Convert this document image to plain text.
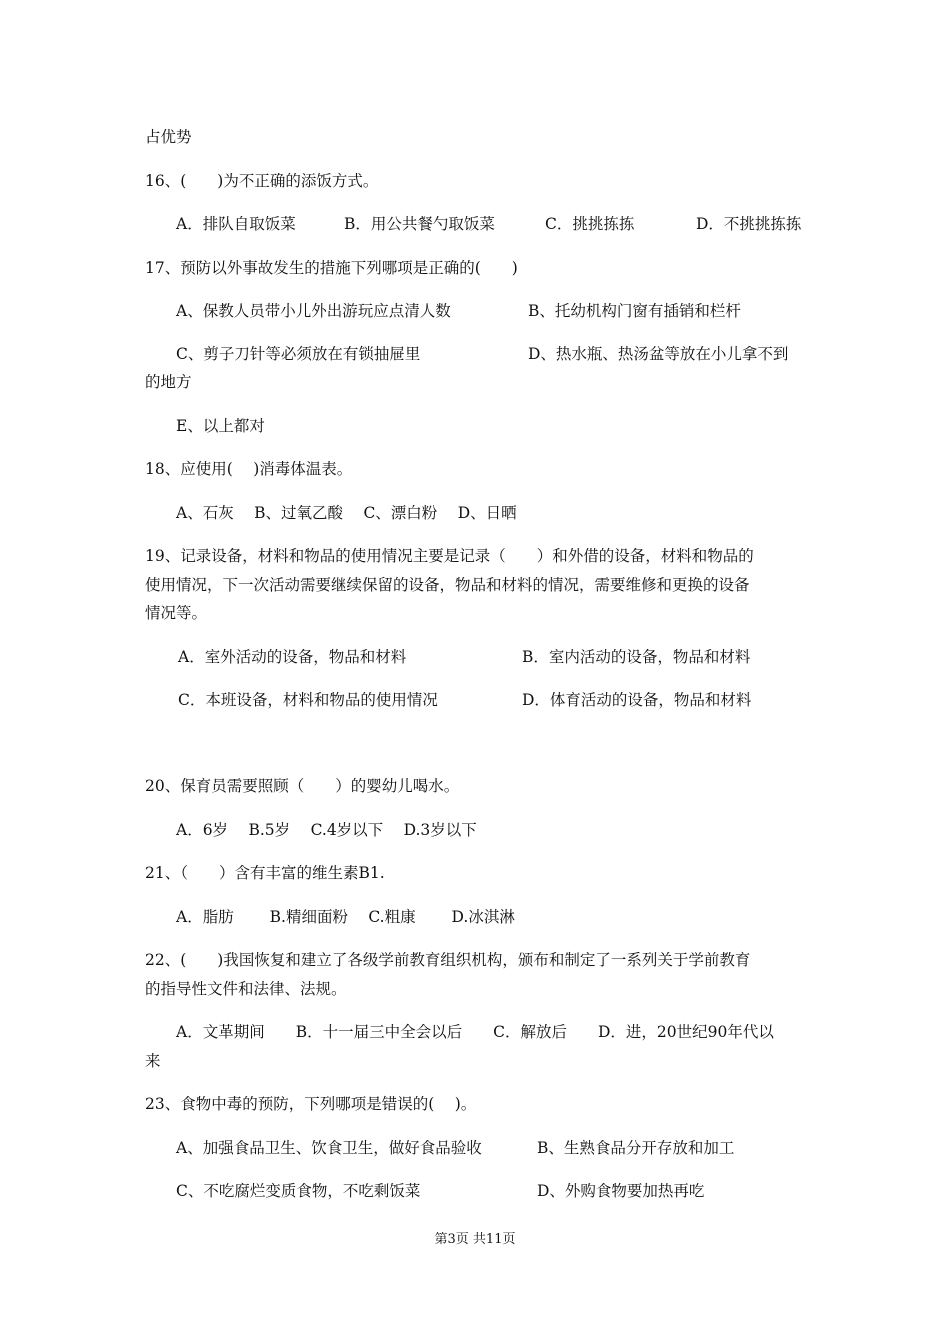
占优势
16、(　　)为不正确的添饭方式。
A．排队自取饭菜	B．用公共餐勺取饭菜	C．挑挑拣拣	D．不挑挑拣拣
17、预防以外事故发生的措施下列哪项是正确的(　　)
A、保教人员带小儿外出游玩应点清人数	B、托幼机构门窗有插销和栏杆
C、剪子刀针等必须放在有锁抽屉里	D、热水瓶、热汤盆等放在小儿拿不到
的地方
E、以上都对
18、应使用(　 )消毒体温表。
A、石灰　 B、过氧乙酸　 C、漂白粉　 D、日晒
19、记录设备，材料和物品的使用情况主要是记录（　　）和外借的设备，材料和物品的
使用情况，下一次活动需要继续保留的设备，物品和材料的情况，需要维修和更换的设备
情况等。
A．室外活动的设备，物品和材料	B．室内活动的设备，物品和材料
C．本班设备，材料和物品的使用情况	D．体育活动的设备，物品和材料
20、保育员需要照顾（　　）的婴幼儿喝水。
A．6岁　 B.5岁　 C.4岁以下　 D.3岁以下
21、（　　）含有丰富的维生素B1.
A．脂肪　　 B.精细面粉　 C.粗康　　 D.冰淇淋
22、(　　)我国恢复和建立了各级学前教育组织机构，颁布和制定了一系列关于学前教育
的指导性文件和法律、法规。
A．文革期间　　B．十一届三中全会以后　　C．解放后　　D．进，20世纪90年代以
来
23、食物中毒的预防，下列哪项是错误的(　 )。
A、加强食品卫生、饮食卫生，做好食品验收	B、生熟食品分开存放和加工
C、不吃腐烂变质食物，不吃剩饭菜	D、外购食物要加热再吃
第3页 共11页
